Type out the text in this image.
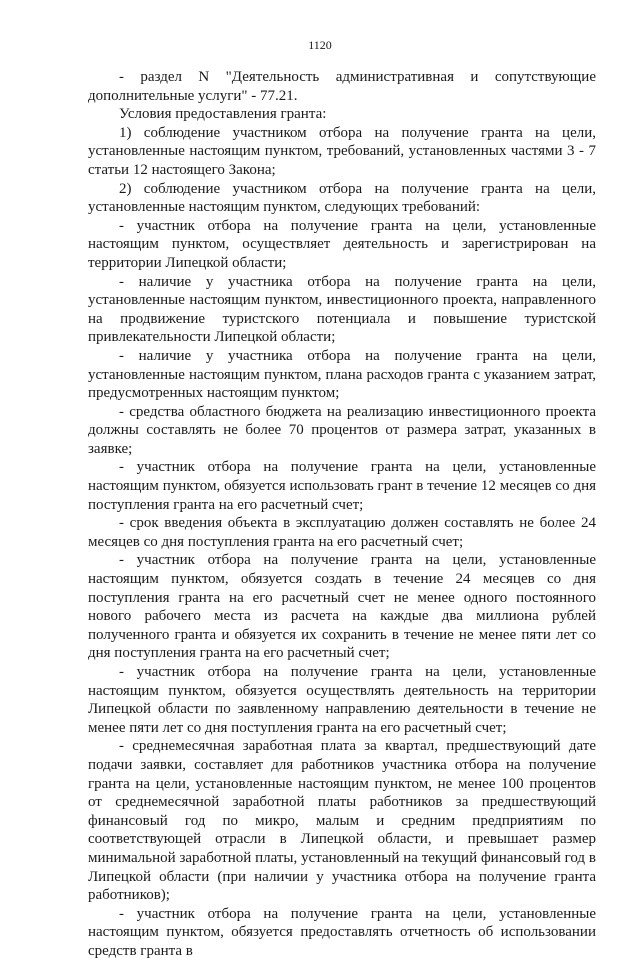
1120

- раздел N "Деятельность административная и сопутствующие дополнительные услуги" - 77.21.

Условия предоставления гранта:

1) соблюдение участником отбора на получение гранта на цели, установленные настоящим пунктом, требований, установленных частями 3 - 7 статьи 12 настоящего Закона;

2) соблюдение участником отбора на получение гранта на цели, установленные настоящим пунктом, следующих требований:

- участник отбора на получение гранта на цели, установленные настоящим пунктом, осуществляет деятельность и зарегистрирован на территории Липецкой области;

- наличие у участника отбора на получение гранта на цели, установленные настоящим пунктом, инвестиционного проекта, направленного на продвижение туристского потенциала и повышение туристской привлекательности Липецкой области;

- наличие у участника отбора на получение гранта на цели, установленные настоящим пунктом, плана расходов гранта с указанием затрат, предусмотренных настоящим пунктом;

- средства областного бюджета на реализацию инвестиционного проекта должны составлять не более 70 процентов от размера затрат, указанных в заявке;

- участник отбора на получение гранта на цели, установленные настоящим пунктом, обязуется использовать грант в течение 12 месяцев со дня поступления гранта на его расчетный счет;

- срок введения объекта в эксплуатацию должен составлять не более 24 месяцев со дня поступления гранта на его расчетный счет;

- участник отбора на получение гранта на цели, установленные настоящим пунктом, обязуется создать в течение 24 месяцев со дня поступления гранта на его расчетный счет не менее одного постоянного нового рабочего места из расчета на каждые два миллиона рублей полученного гранта и обязуется их сохранить в течение не менее пяти лет со дня поступления гранта на его расчетный счет;

- участник отбора на получение гранта на цели, установленные настоящим пунктом, обязуется осуществлять деятельность на территории Липецкой области по заявленному направлению деятельности в течение не менее пяти лет со дня поступления гранта на его расчетный счет;

- среднемесячная заработная плата за квартал, предшествующий дате подачи заявки, составляет для работников участника отбора на получение гранта на цели, установленные настоящим пунктом, не менее 100 процентов от среднемесячной заработной платы работников за предшествующий финансовый год по микро, малым и средним предприятиям по соответствующей отрасли в Липецкой области, и превышает размер минимальной заработной платы, установленный на текущий финансовый год в Липецкой области (при наличии у участника отбора на получение гранта работников);

- участник отбора на получение гранта на цели, установленные настоящим пунктом, обязуется предоставлять отчетность об использовании средств гранта в
